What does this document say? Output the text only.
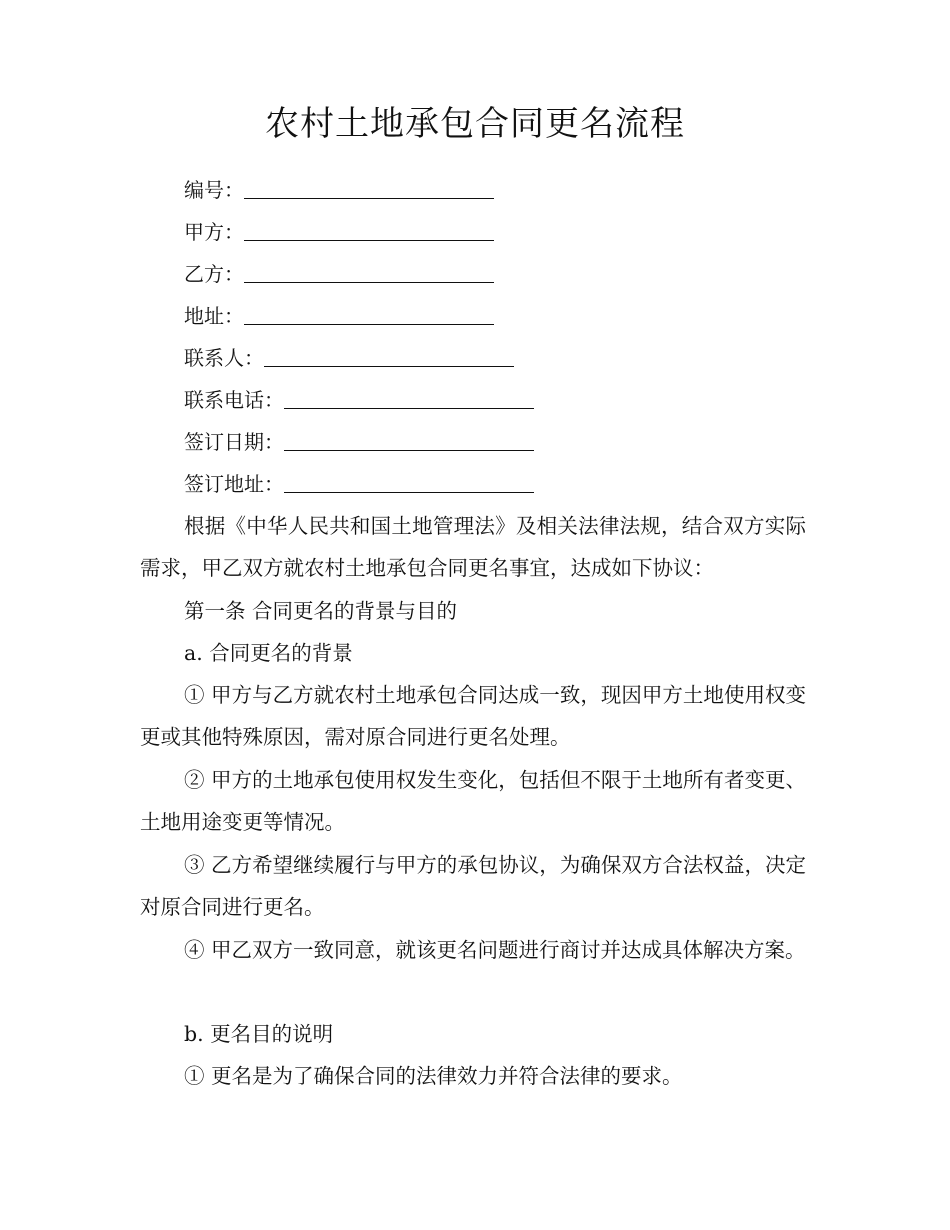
农村土地承包合同更名流程
编号：
甲方：
乙方：
地址：
联系人：
联系电话：
签订日期：
签订地址：
根据《中华人民共和国土地管理法》及相关法律法规，结合双方实际需求，甲乙双方就农村土地承包合同更名事宜，达成如下协议：
第一条 合同更名的背景与目的
a. 合同更名的背景
① 甲方与乙方就农村土地承包合同达成一致，现因甲方土地使用权变更或其他特殊原因，需对原合同进行更名处理。
② 甲方的土地承包使用权发生变化，包括但不限于土地所有者变更、土地用途变更等情况。
③ 乙方希望继续履行与甲方的承包协议，为确保双方合法权益，决定对原合同进行更名。
④ 甲乙双方一致同意，就该更名问题进行商讨并达成具体解决方案。
b. 更名目的说明
① 更名是为了确保合同的法律效力并符合法律的要求。
